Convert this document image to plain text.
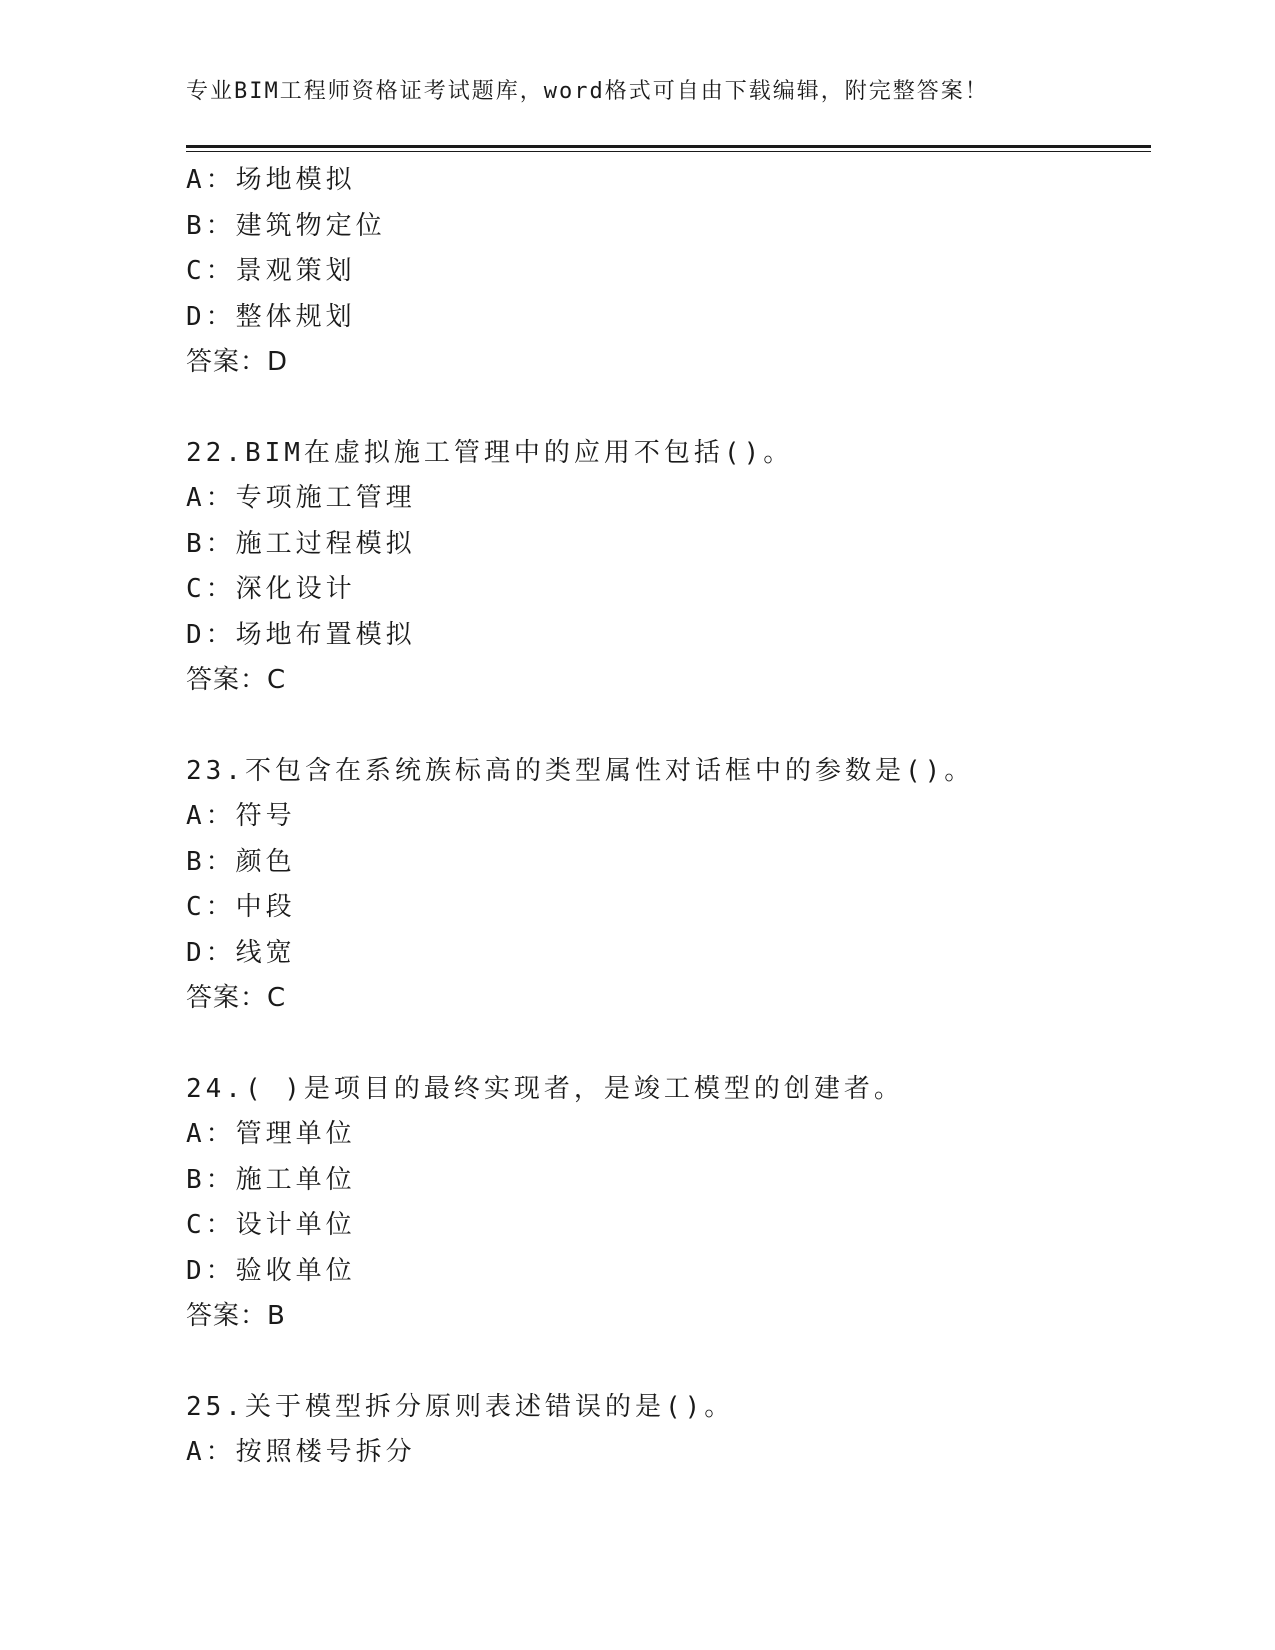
专业BIM工程师资格证考试题库，word格式可自由下载编辑，附完整答案！
A：场地模拟
B：建筑物定位
C：景观策划
D：整体规划
答案：D
22.BIM在虚拟施工管理中的应用不包括()。
A：专项施工管理
B：施工过程模拟
C：深化设计
D：场地布置模拟
答案：C
23.不包含在系统族标高的类型属性对话框中的参数是()。
A：符号
B：颜色
C：中段
D：线宽
答案：C
24.( )是项目的最终实现者，是竣工模型的创建者。
A：管理单位
B：施工单位
C：设计单位
D：验收单位
答案：B
25.关于模型拆分原则表述错误的是()。
A：按照楼号拆分
